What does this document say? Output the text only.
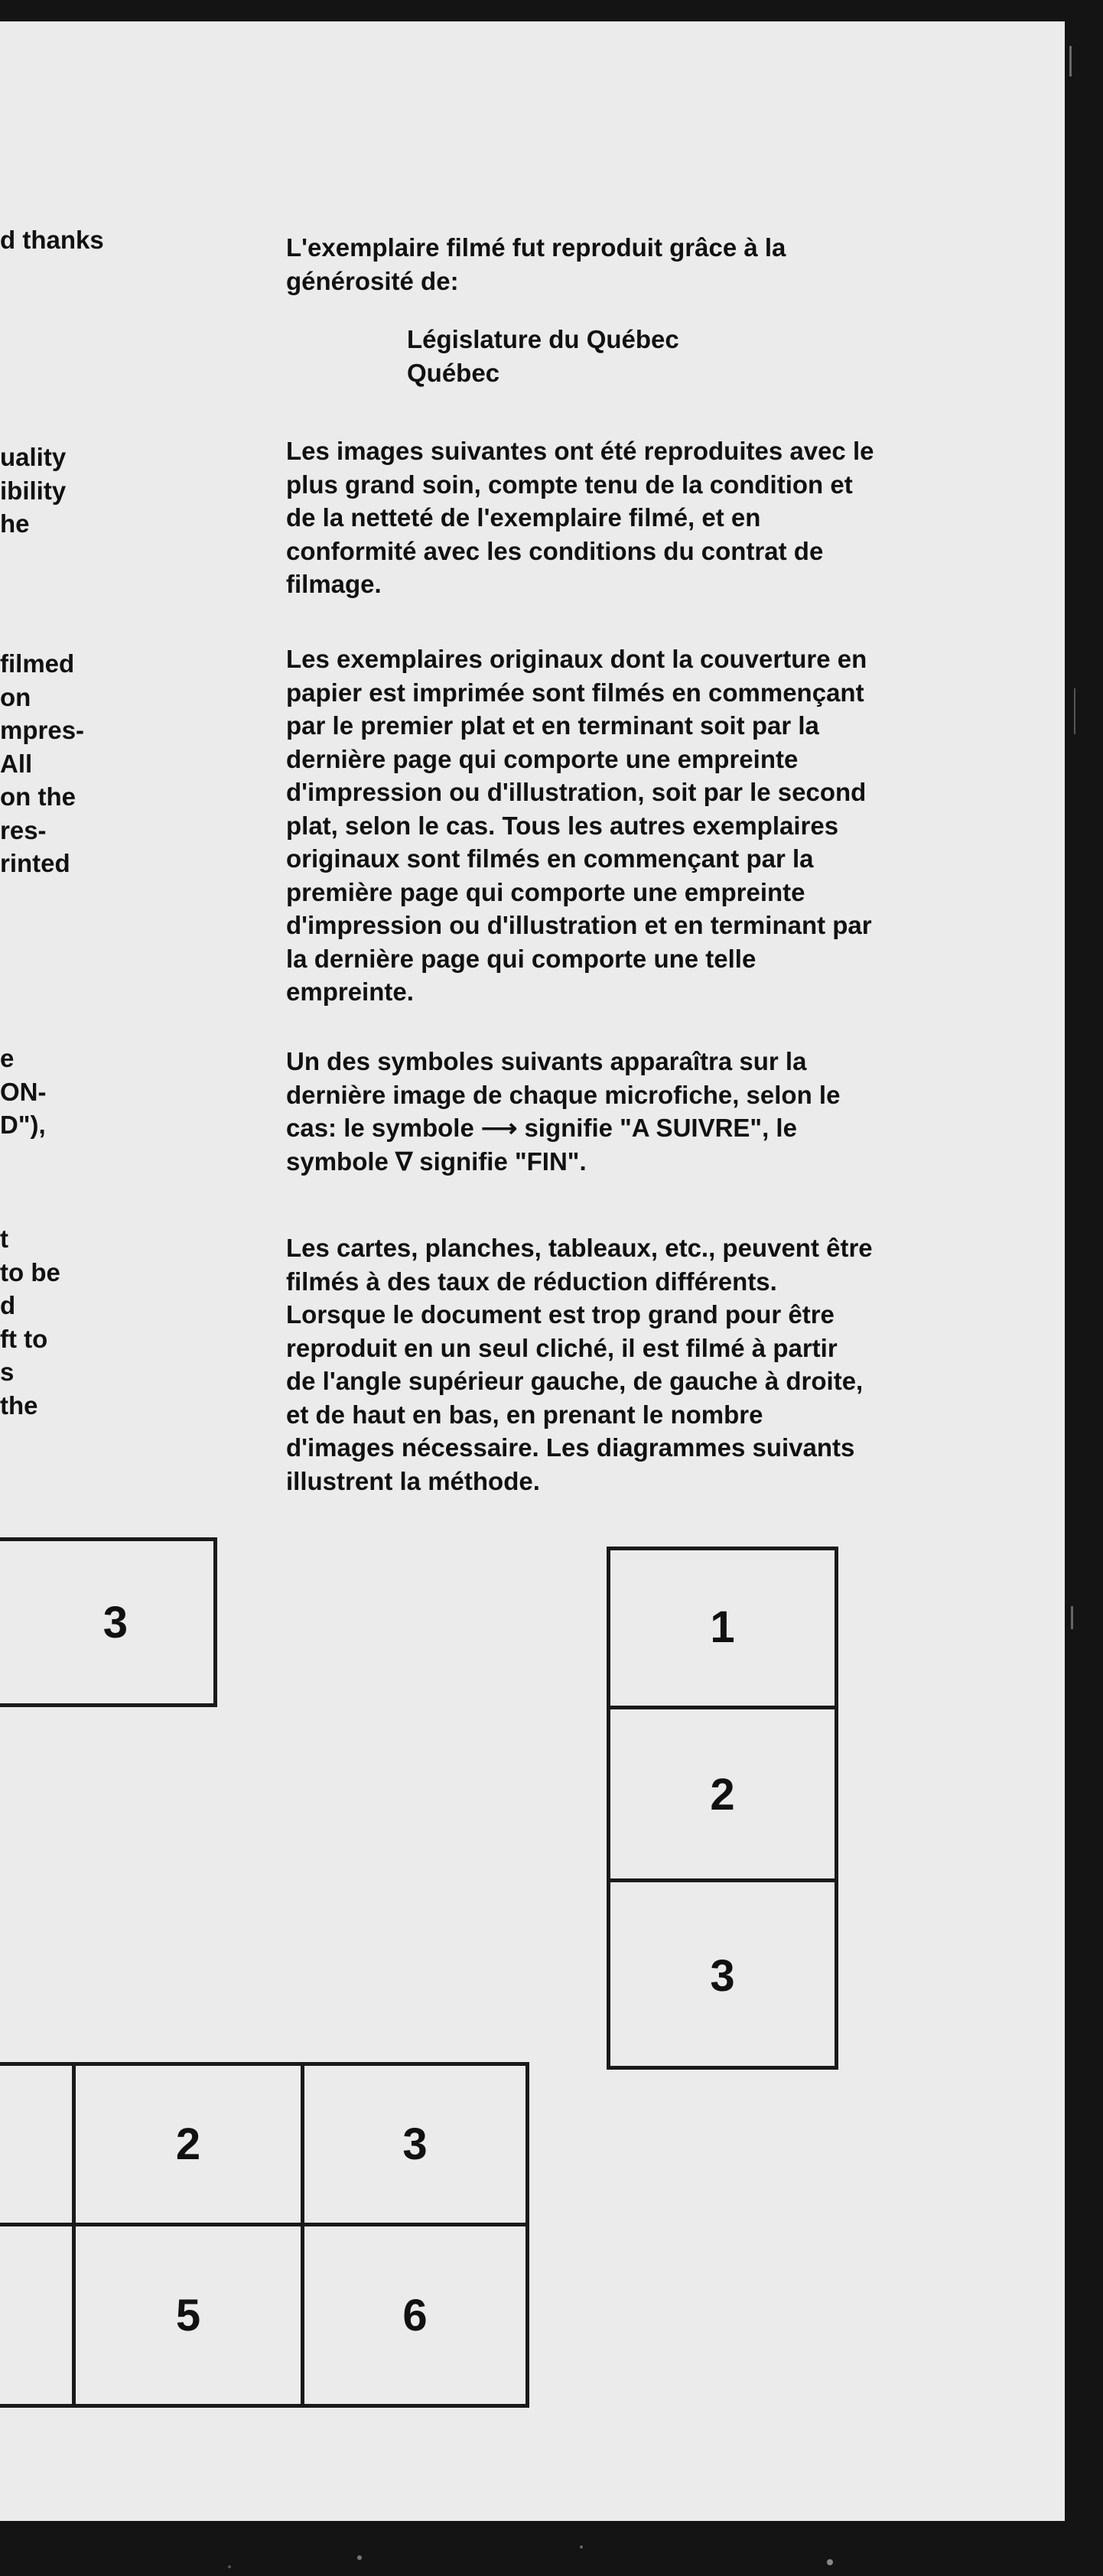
d thanks
uality
ibility
he
filmed
on
mpres-
All
on the
res-
rinted
e
ON-
D"),
t
to be
d
ft to
s
the
L'exemplaire filmé fut reproduit grâce à la
générosité de:
Législature du Québec
Québec
Les images suivantes ont été reproduites avec le
plus grand soin, compte tenu de la condition et
de la netteté de l'exemplaire filmé, et en
conformité avec les conditions du contrat de
filmage.
Les exemplaires originaux dont la couverture en
papier est imprimée sont filmés en commençant
par le premier plat et en terminant soit par la
dernière page qui comporte une empreinte
d'impression ou d'illustration, soit par le second
plat, selon le cas. Tous les autres exemplaires
originaux sont filmés en commençant par la
première page qui comporte une empreinte
d'impression ou d'illustration et en terminant par
la dernière page qui comporte une telle
empreinte.
Un des symboles suivants apparaîtra sur la
dernière image de chaque microfiche, selon le
cas: le symbole ⟶ signifie "A SUIVRE", le
symbole ∇ signifie "FIN".
Les cartes, planches, tableaux, etc., peuvent être
filmés à des taux de réduction différents.
Lorsque le document est trop grand pour être
reproduit en un seul cliché, il est filmé à partir
de l'angle supérieur gauche, de gauche à droite,
et de haut en bas, en prenant le nombre
d'images nécessaire. Les diagrammes suivants
illustrent la méthode.
3	1
2
3
2	3
5	6
